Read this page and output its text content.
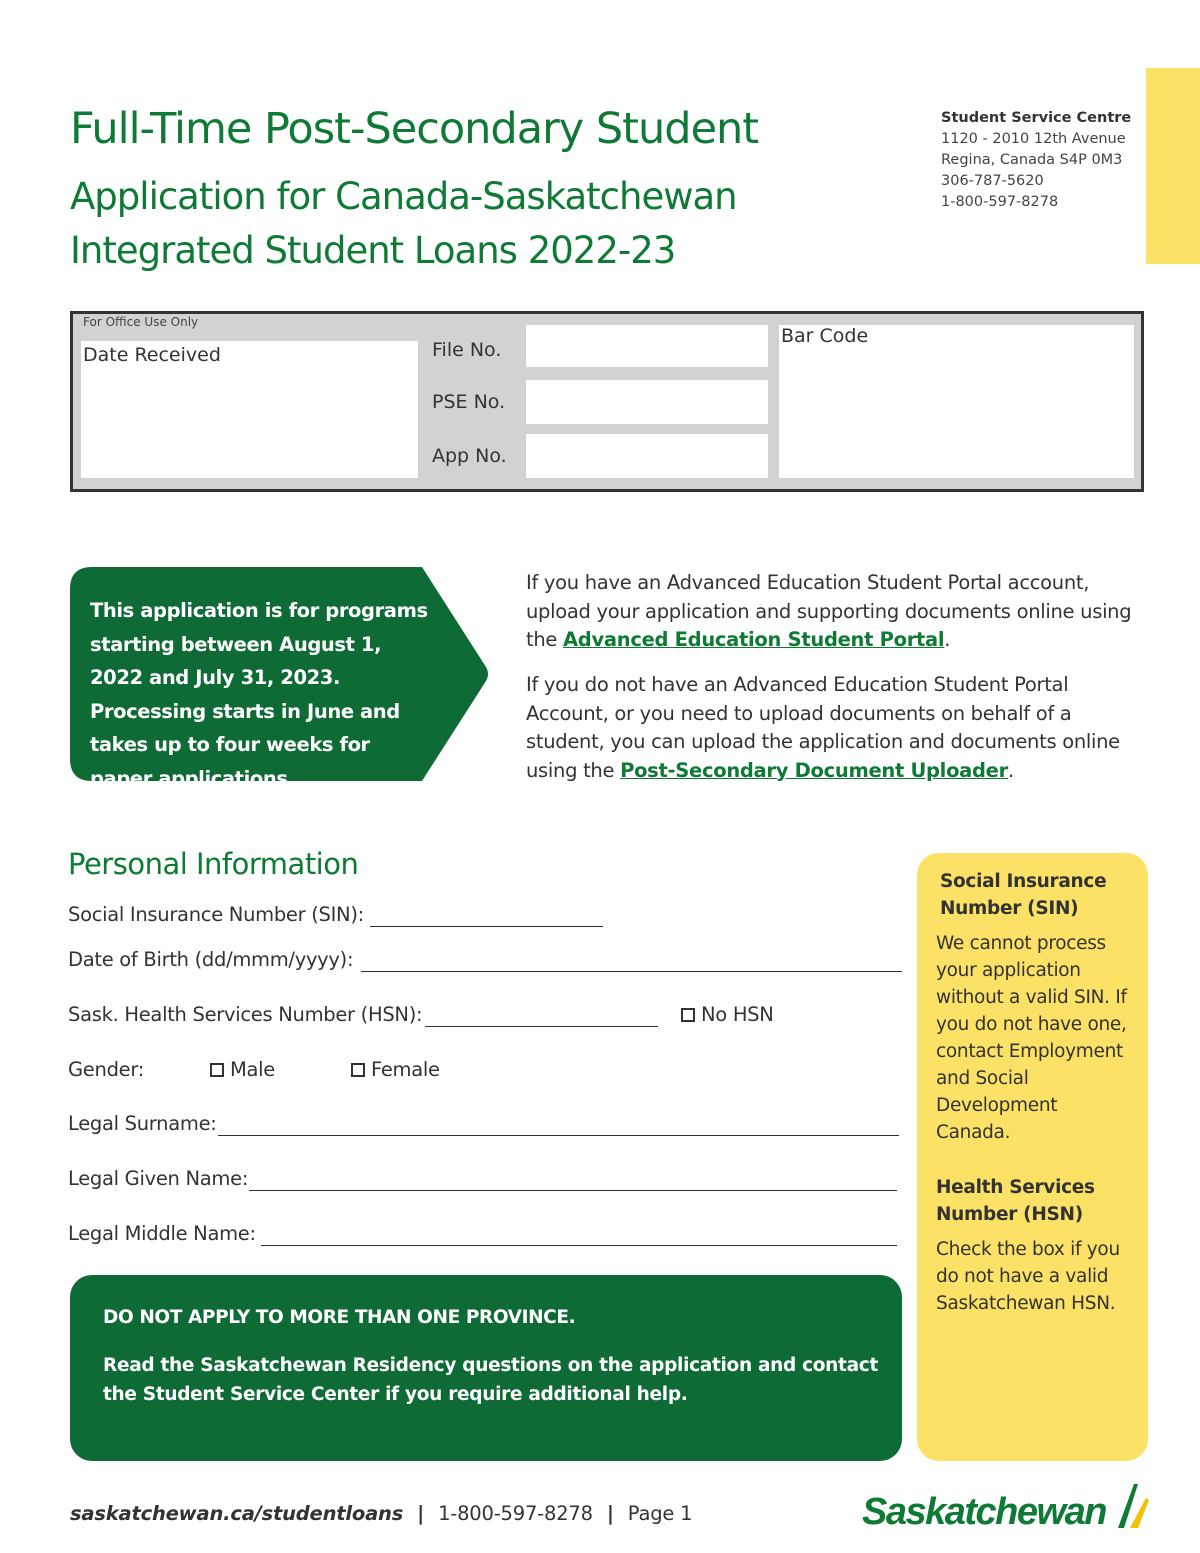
Full-Time Post-Secondary Student
Application for Canada-Saskatchewan Integrated Student Loans 2022-23
Student Service Centre
1120 - 2010 12th Avenue
Regina, Canada S4P 0M3
306-787-5620
1-800-597-8278
For Office Use Only
Date Received	File No.
PSE No.
App No.
Bar Code
This application is for programs starting between August 1, 2022 and July 31, 2023. Processing starts in June and takes up to four weeks for paper applications.
If you have an Advanced Education Student Portal account, upload your application and supporting documents online using the Advanced Education Student Portal.
If you do not have an Advanced Education Student Portal Account, or you need to upload documents on behalf of a student, you can upload the application and documents online using the Post-Secondary Document Uploader.
Personal Information
Social Insurance Number (SIN):
Date of Birth (dd/mmm/yyyy):
Sask. Health Services Number (HSN):	No HSN
Gender:	Male	Female
Legal Surname:
Legal Given Name:
Legal Middle Name:
DO NOT APPLY TO MORE THAN ONE PROVINCE.
Read the Saskatchewan Residency questions on the application and contact the Student Service Center if you require additional help.
Social Insurance Number (SIN)
We cannot process your application without a valid SIN. If you do not have one, contact Employment and Social Development Canada.
Health Services Number (HSN)
Check the box if you do not have a valid Saskatchewan HSN.
saskatchewan.ca/studentloans | 1-800-597-8278 | Page 1	Saskatchewan
